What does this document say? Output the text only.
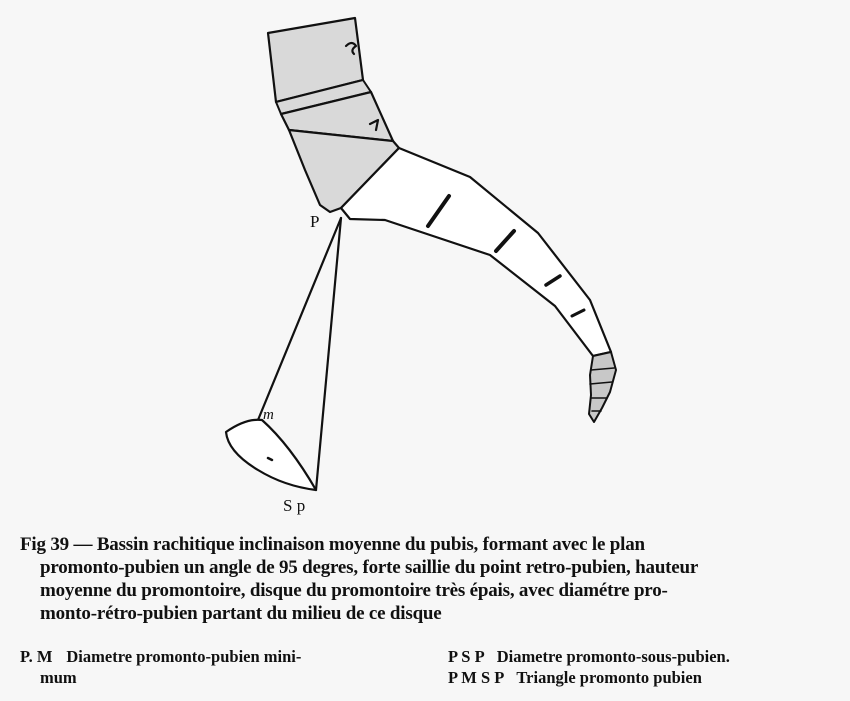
P
S p
m
Fig 39 — Bassin rachitique inclinaison moyenne du pubis, formant avec le plan
promonto-pubien un angle de 95 degres, forte saillie du point retro-pubien, hauteur
moyenne du promontoire, disque du promontoire très épais, avec diamétre pro-
monto-rétro-pubien partant du milieu de ce disque
P. M Diametre promonto-pubien mini-
mum
P S P Diametre promonto-sous-pubien.
P M S P Triangle promonto pubien
